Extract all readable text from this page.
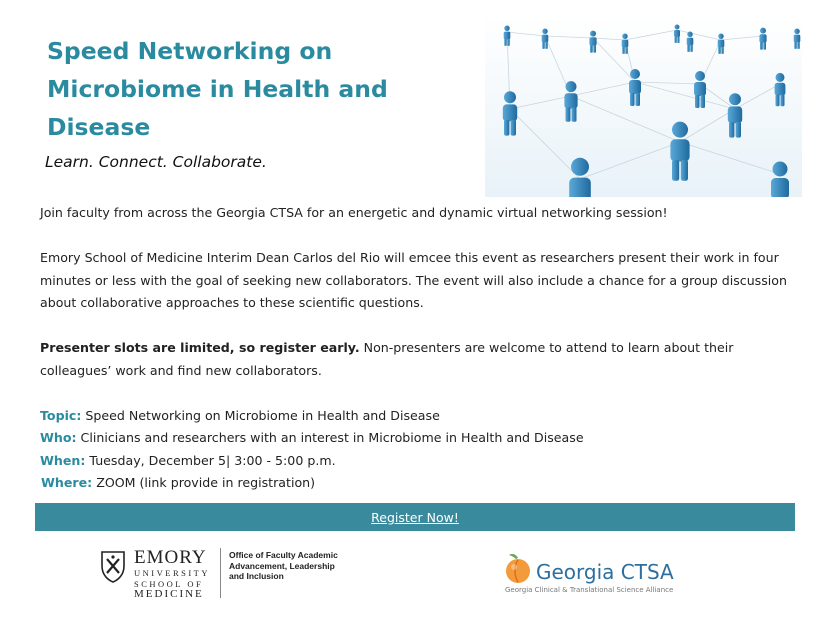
Speed Networking on Microbiome in Health and Disease
Learn. Connect. Collaborate.

Join faculty from across the Georgia CTSA for an energetic and dynamic virtual networking session!

Emory School of Medicine Interim Dean Carlos del Rio will emcee this event as researchers present their work in four minutes or less with the goal of seeking new collaborators. The event will also include a chance for a group discussion about collaborative approaches to these scientific questions.

Presenter slots are limited, so register early. Non-presenters are welcome to attend to learn about their colleagues’ work and find new collaborators.

Topic: Speed Networking on Microbiome in Health and Disease
Who: Clinicians and researchers with an interest in Microbiome in Health and Disease
When: Tuesday, December 5| 3:00 - 5:00 p.m.
Where: ZOOM (link provide in registration)
Register Now!
EMORY
UNIVERSITY
SCHOOL OF
MEDICINE
Office of Faculty Academic Advancement, Leadership and Inclusion	Georgia CTSA
Georgia Clinical & Translational Science Alliance
